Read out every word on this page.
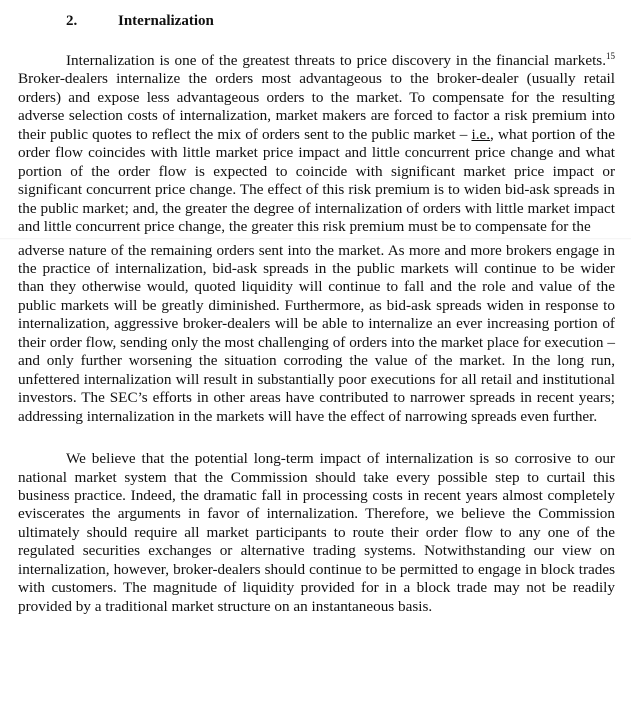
2.	Internalization

Internalization is one of the greatest threats to price discovery in the financial markets.$^{15}$ Broker-dealers internalize the orders most advantageous to the broker-dealer (usually retail orders) and expose less advantageous orders to the market. To compensate for the resulting adverse selection costs of internalization, market makers are forced to factor a risk premium into their public quotes to reflect the mix of orders sent to the public market – i.e., what portion of the order flow coincides with little market price impact and little concurrent price change and what portion of the order flow is expected to coincide with significant market price impact or significant concurrent price change. The effect of this risk premium is to widen bid-ask spreads in the public market; and, the greater the degree of internalization of orders with little market impact and little concurrent price change, the greater this risk premium must be to compensate for the

adverse nature of the remaining orders sent into the market. As more and more brokers engage in the practice of internalization, bid-ask spreads in the public markets will continue to be wider than they otherwise would, quoted liquidity will continue to fall and the role and value of the public markets will be greatly diminished. Furthermore, as bid-ask spreads widen in response to internalization, aggressive broker-dealers will be able to internalize an ever increasing portion of their order flow, sending only the most challenging of orders into the market place for execution – and only further worsening the situation corroding the value of the market. In the long run, unfettered internalization will result in substantially poor executions for all retail and institutional investors. The SEC’s efforts in other areas have contributed to narrower spreads in recent years; addressing internalization in the markets will have the effect of narrowing spreads even further.

We believe that the potential long-term impact of internalization is so corrosive to our national market system that the Commission should take every possible step to curtail this business practice. Indeed, the dramatic fall in processing costs in recent years almost completely eviscerates the arguments in favor of internalization. Therefore, we believe the Commission ultimately should require all market participants to route their order flow to any one of the regulated securities exchanges or alternative trading systems. Notwithstanding our view on internalization, however, broker-dealers should continue to be permitted to engage in block trades with customers. The magnitude of liquidity provided for in a block trade may not be readily provided by a traditional market structure on an instantaneous basis.
